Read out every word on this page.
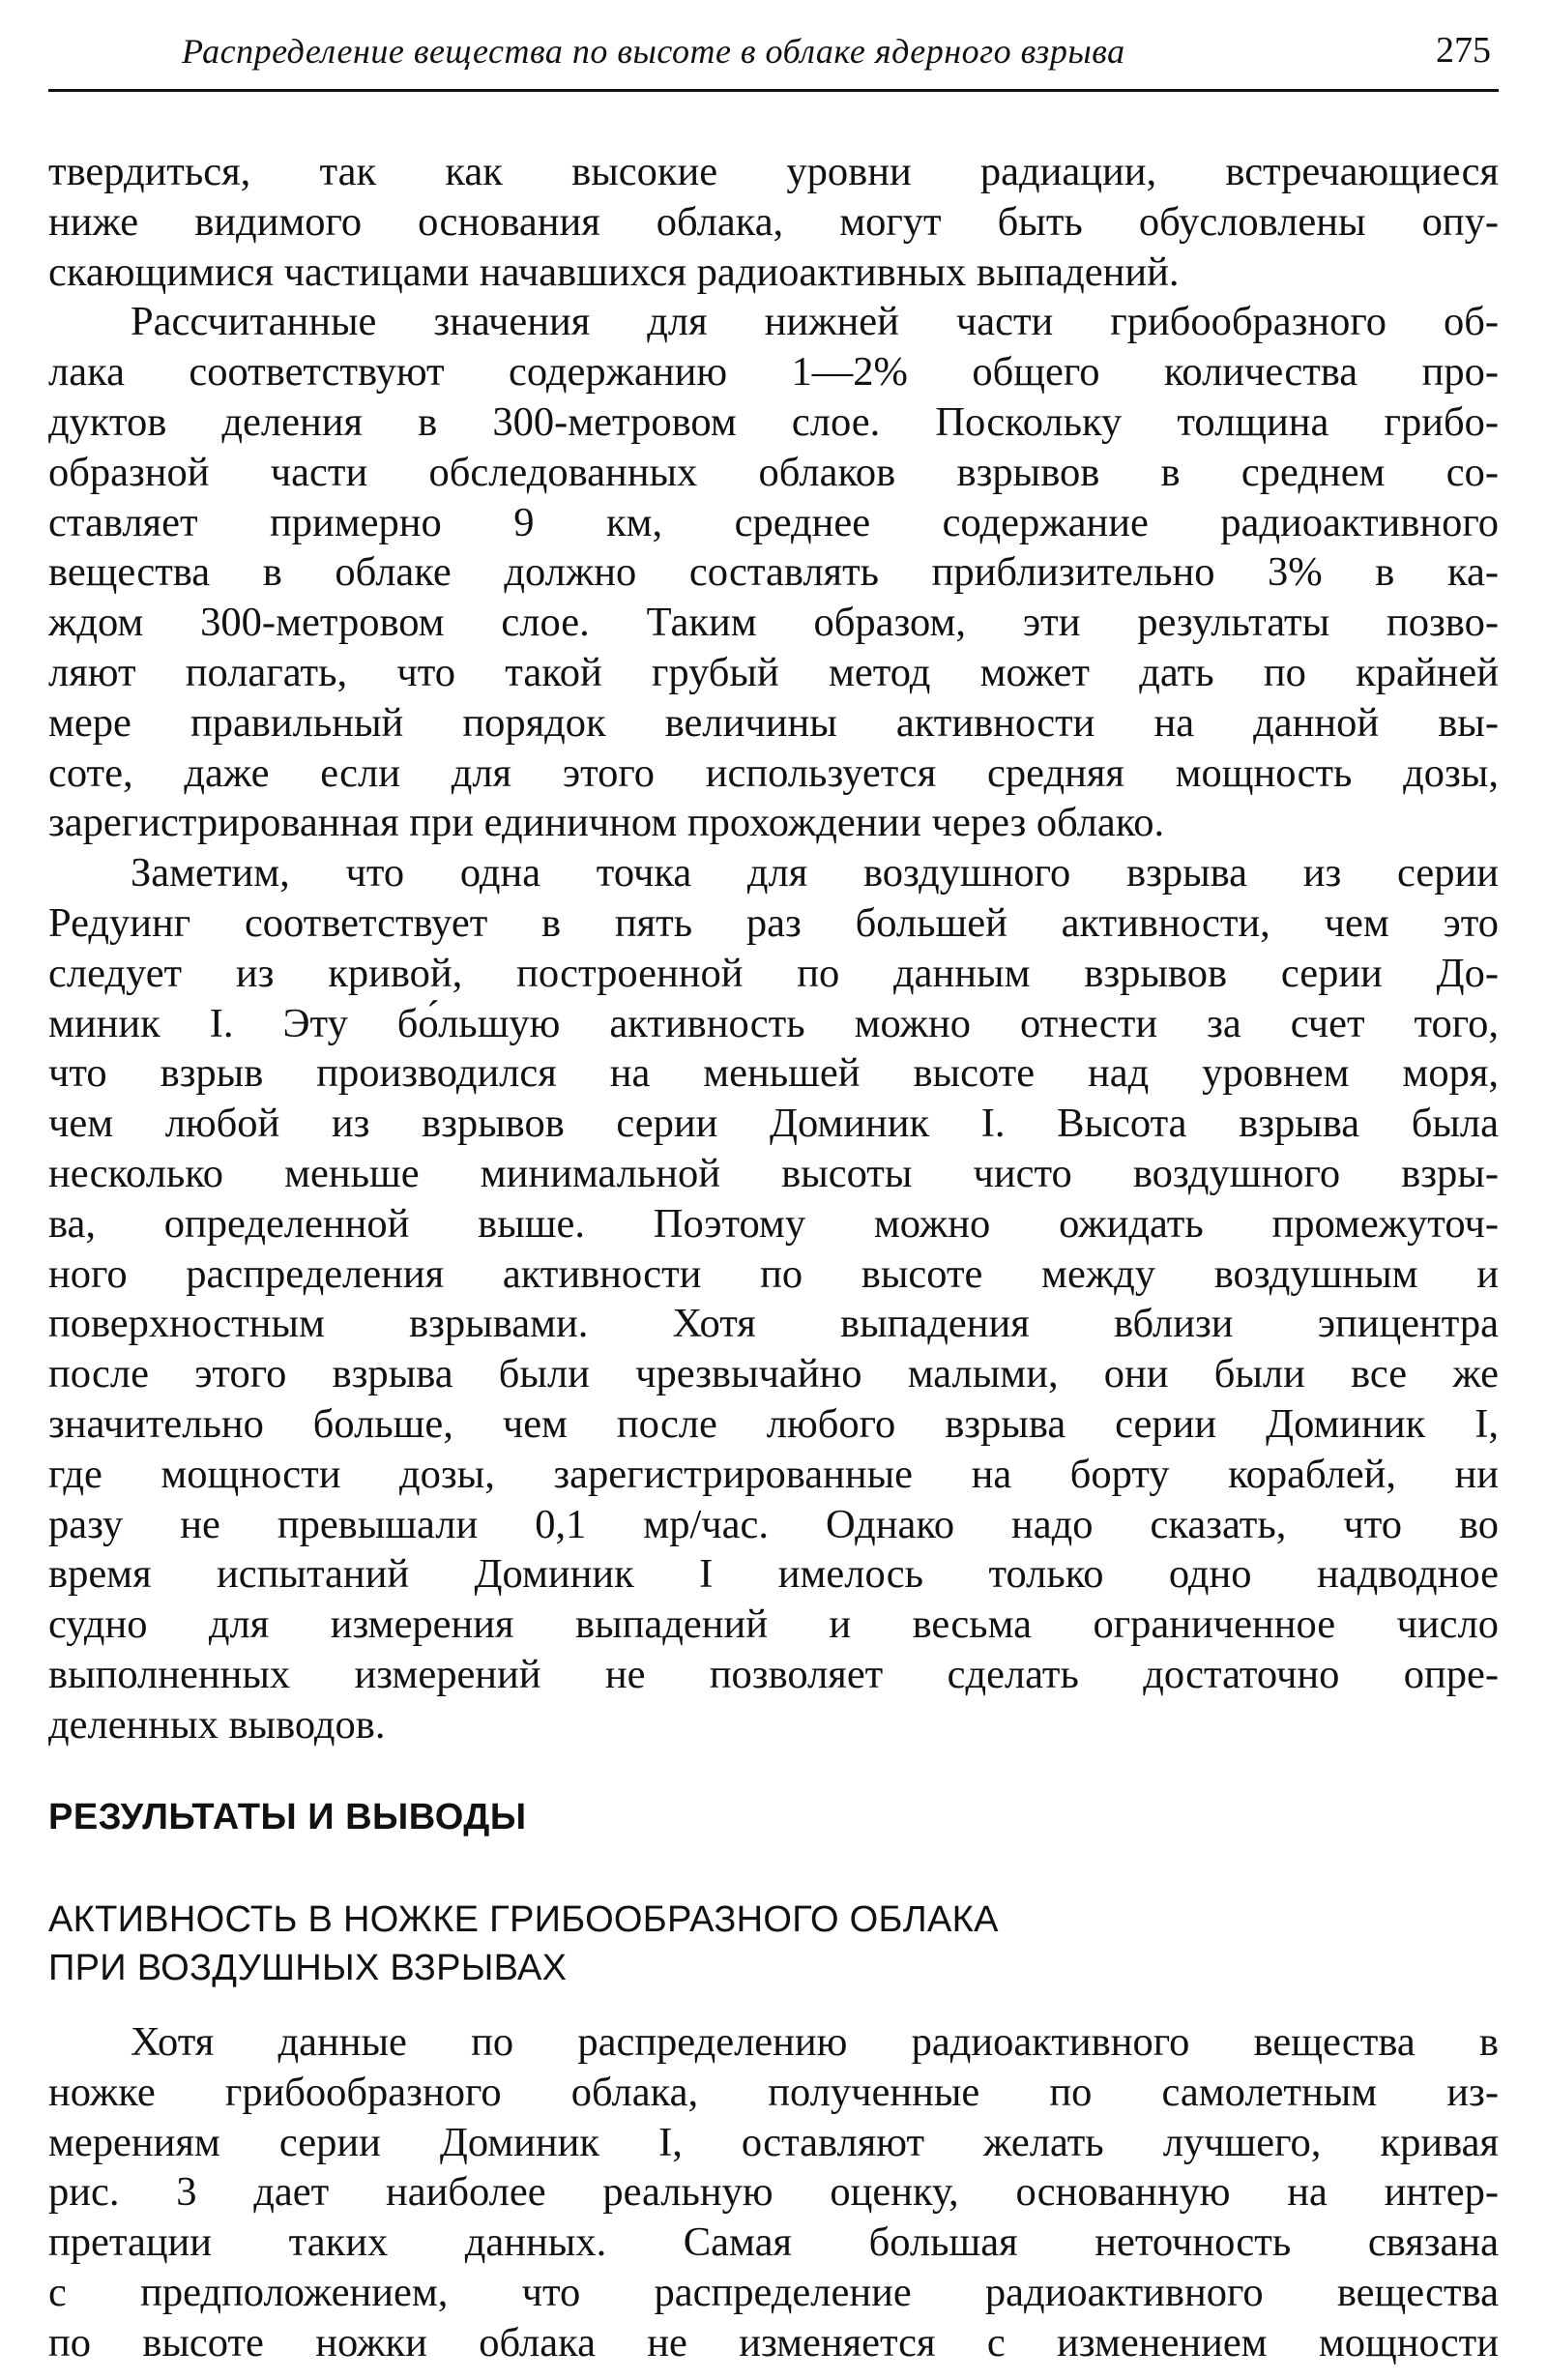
Распределение вещества по высоте в облаке ядерного взрыва	275
твердиться, так как высокие уровни радиации, встречающиеся
ниже видимого основания облака, могут быть обусловлены опу-
скающимися частицами начавшихся радиоактивных выпадений.
Рассчитанные значения для нижней части грибообразного об-
лака соответствуют содержанию 1—2% общего количества про-
дуктов деления в 300-метровом слое. Поскольку толщина грибо-
образной части обследованных облаков взрывов в среднем со-
ставляет примерно 9 км, среднее содержание радиоактивного
вещества в облаке должно составлять приблизительно 3% в ка-
ждом 300-метровом слое. Таким образом, эти результаты позво-
ляют полагать, что такой грубый метод может дать по крайней
мере правильный порядок величины активности на данной вы-
соте, даже если для этого используется средняя мощность дозы,
зарегистрированная при единичном прохождении через облако.
Заметим, что одна точка для воздушного взрыва из серии
Редуинг соответствует в пять раз большей активности, чем это
следует из кривой, построенной по данным взрывов серии До-
миник I. Эту бо́льшую активность можно отнести за счет того,
что взрыв производился на меньшей высоте над уровнем моря,
чем любой из взрывов серии Доминик I. Высота взрыва была
несколько меньше минимальной высоты чисто воздушного взры-
ва, определенной выше. Поэтому можно ожидать промежуточ-
ного распределения активности по высоте между воздушным и
поверхностным взрывами. Хотя выпадения вблизи эпицентра
после этого взрыва были чрезвычайно малыми, они были все же
значительно больше, чем после любого взрыва серии Доминик I,
где мощности дозы, зарегистрированные на борту кораблей, ни
разу не превышали 0,1 мр/час. Однако надо сказать, что во
время испытаний Доминик I имелось только одно надводное
судно для измерения выпадений и весьма ограниченное число
выполненных измерений не позволяет сделать достаточно опре-
деленных выводов.
РЕЗУЛЬТАТЫ И ВЫВОДЫ
АКТИВНОСТЬ В НОЖКЕ ГРИБООБРАЗНОГО ОБЛАКА
ПРИ ВОЗДУШНЫХ ВЗРЫВАХ
Хотя данные по распределению радиоактивного вещества в
ножке грибообразного облака, полученные по самолетным из-
мерениям серии Доминик I, оставляют желать лучшего, кривая
рис. 3 дает наиболее реальную оценку, основанную на интер-
претации таких данных. Самая большая неточность связана
с предположением, что распределение радиоактивного вещества
по высоте ножки облака не изменяется с изменением мощности
